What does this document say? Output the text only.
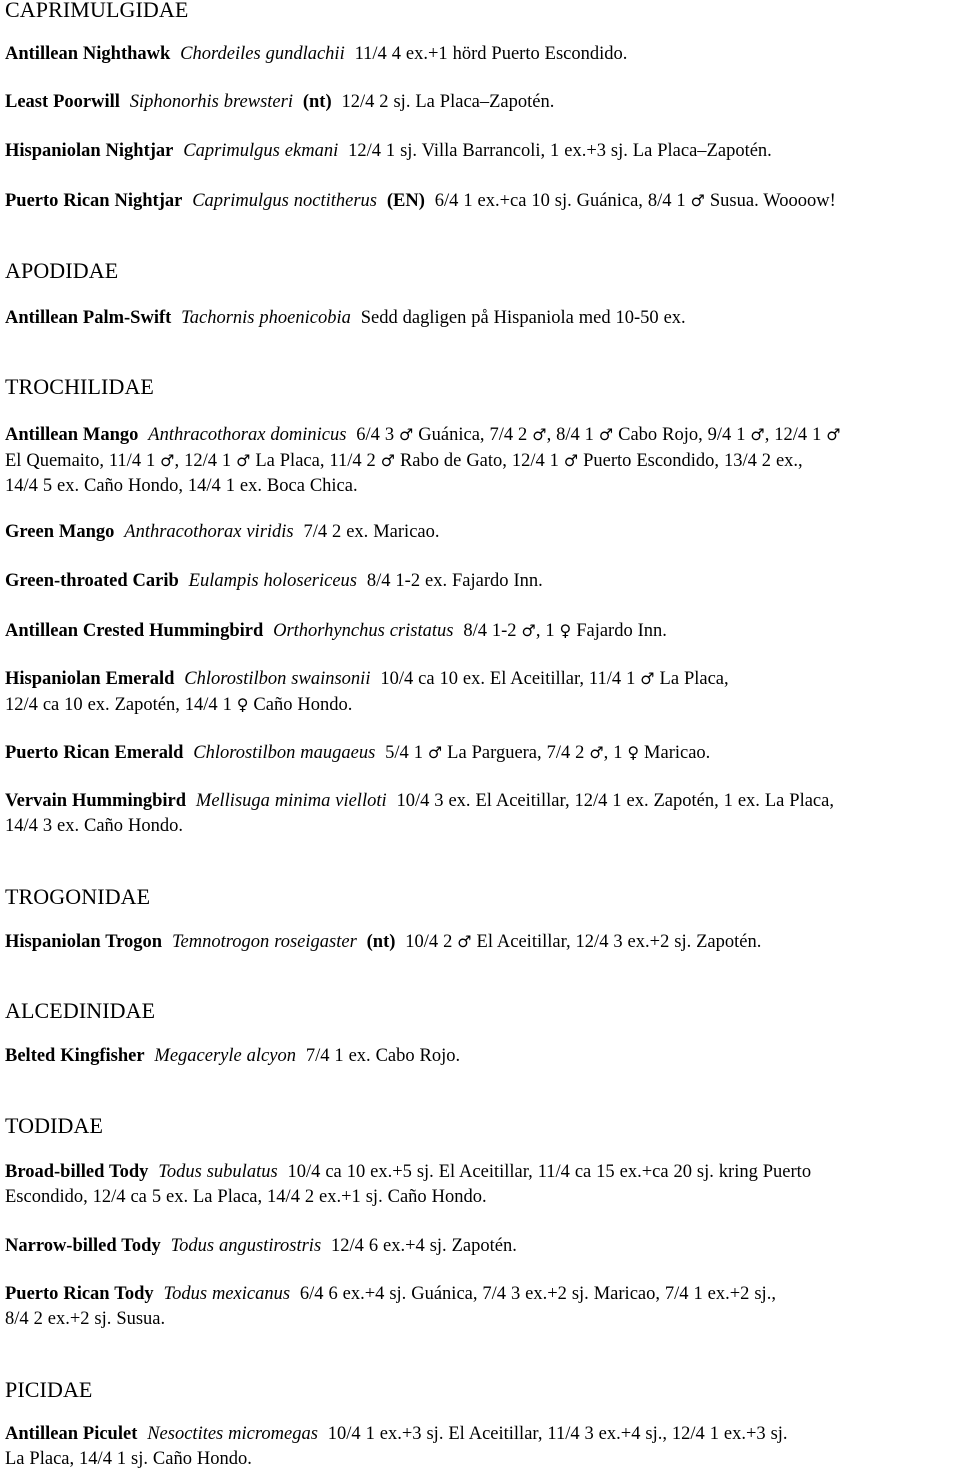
CAPRIMULGIDAE
Antillean Nighthawk Chordeiles gundlachii 11/4 4 ex.+1 hörd Puerto Escondido.
Least Poorwill Siphonorhis brewsteri (nt) 12/4 2 sj. La Placa–Zapotén.
Hispaniolan Nightjar Caprimulgus ekmani 12/4 1 sj. Villa Barrancoli, 1 ex.+3 sj. La Placa–Zapotén.
Puerto Rican Nightjar Caprimulgus noctitherus (EN) 6/4 1 ex.+ca 10 sj. Guánica, 8/4 1 ♂ Susua. Woooow!
APODIDAE
Antillean Palm-Swift Tachornis phoenicobia Sedd dagligen på Hispaniola med 10-50 ex.
TROCHILIDAE
Antillean Mango Anthracothorax dominicus 6/4 3 ♂ Guánica, 7/4 2 ♂, 8/4 1 ♂ Cabo Rojo, 9/4 1 ♂, 12/4 1 ♂
El Quemaito, 11/4 1 ♂, 12/4 1 ♂ La Placa, 11/4 2 ♂ Rabo de Gato, 12/4 1 ♂ Puerto Escondido, 13/4 2 ex.,
14/4 5 ex. Caño Hondo, 14/4 1 ex. Boca Chica.
Green Mango Anthracothorax viridis 7/4 2 ex. Maricao.
Green-throated Carib Eulampis holosericeus 8/4 1-2 ex. Fajardo Inn.
Antillean Crested Hummingbird Orthorhynchus cristatus 8/4 1-2 ♂, 1 ♀ Fajardo Inn.
Hispaniolan Emerald Chlorostilbon swainsonii 10/4 ca 10 ex. El Aceitillar, 11/4 1 ♂ La Placa,
12/4 ca 10 ex. Zapotén, 14/4 1 ♀ Caño Hondo.
Puerto Rican Emerald Chlorostilbon maugaeus 5/4 1 ♂ La Parguera, 7/4 2 ♂, 1 ♀ Maricao.
Vervain Hummingbird Mellisuga minima vielloti 10/4 3 ex. El Aceitillar, 12/4 1 ex. Zapotén, 1 ex. La Placa,
14/4 3 ex. Caño Hondo.
TROGONIDAE
Hispaniolan Trogon Temnotrogon roseigaster (nt) 10/4 2 ♂ El Aceitillar, 12/4 3 ex.+2 sj. Zapotén.
ALCEDINIDAE
Belted Kingfisher Megaceryle alcyon 7/4 1 ex. Cabo Rojo.
TODIDAE
Broad-billed Tody Todus subulatus 10/4 ca 10 ex.+5 sj. El Aceitillar, 11/4 ca 15 ex.+ca 20 sj. kring Puerto
Escondido, 12/4 ca 5 ex. La Placa, 14/4 2 ex.+1 sj. Caño Hondo.
Narrow-billed Tody Todus angustirostris 12/4 6 ex.+4 sj. Zapotén.
Puerto Rican Tody Todus mexicanus 6/4 6 ex.+4 sj. Guánica, 7/4 3 ex.+2 sj. Maricao, 7/4 1 ex.+2 sj.,
8/4 2 ex.+2 sj. Susua.
PICIDAE
Antillean Piculet Nesoctites micromegas 10/4 1 ex.+3 sj. El Aceitillar, 11/4 3 ex.+4 sj., 12/4 1 ex.+3 sj.
La Placa, 14/4 1 sj. Caño Hondo.
